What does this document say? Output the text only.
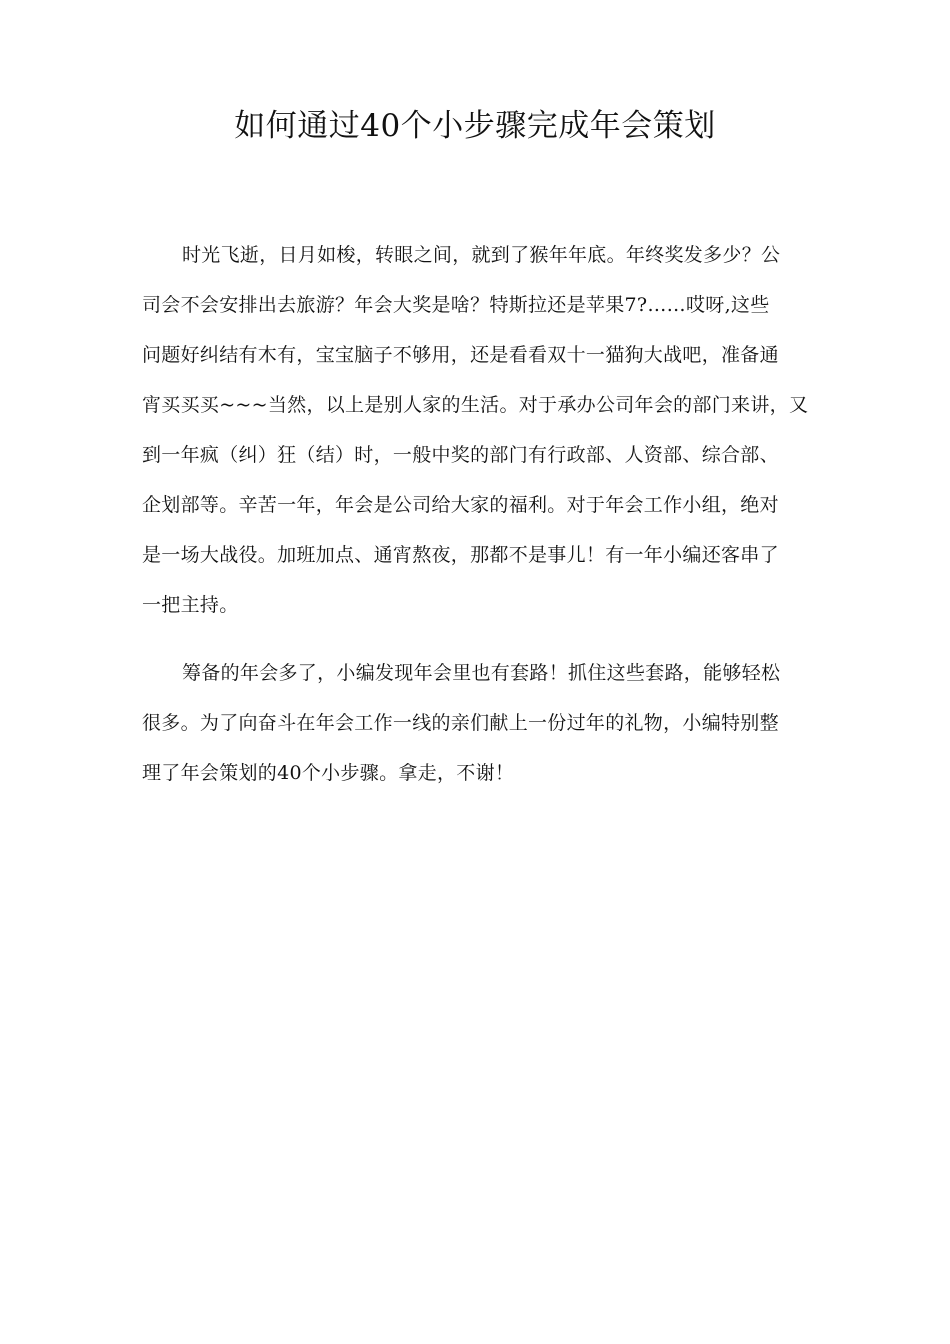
如何通过40个小步骤完成年会策划
时光飞逝，日月如梭，转眼之间，就到了猴年年底。年终奖发多少？公
司会不会安排出去旅游？年会大奖是啥？特斯拉还是苹果7?……哎呀,这些
问题好纠结有木有，宝宝脑子不够用，还是看看双十一猫狗大战吧，准备通
宵买买买~~~当然，以上是别人家的生活。对于承办公司年会的部门来讲，又
到一年疯（纠）狂（结）时，一般中奖的部门有行政部、人资部、综合部、
企划部等。辛苦一年，年会是公司给大家的福利。对于年会工作小组，绝对
是一场大战役。加班加点、通宵熬夜，那都不是事儿！有一年小编还客串了
一把主持。
筹备的年会多了，小编发现年会里也有套路！抓住这些套路，能够轻松
很多。为了向奋斗在年会工作一线的亲们献上一份过年的礼物，小编特别整
理了年会策划的40个小步骤。拿走，不谢！
